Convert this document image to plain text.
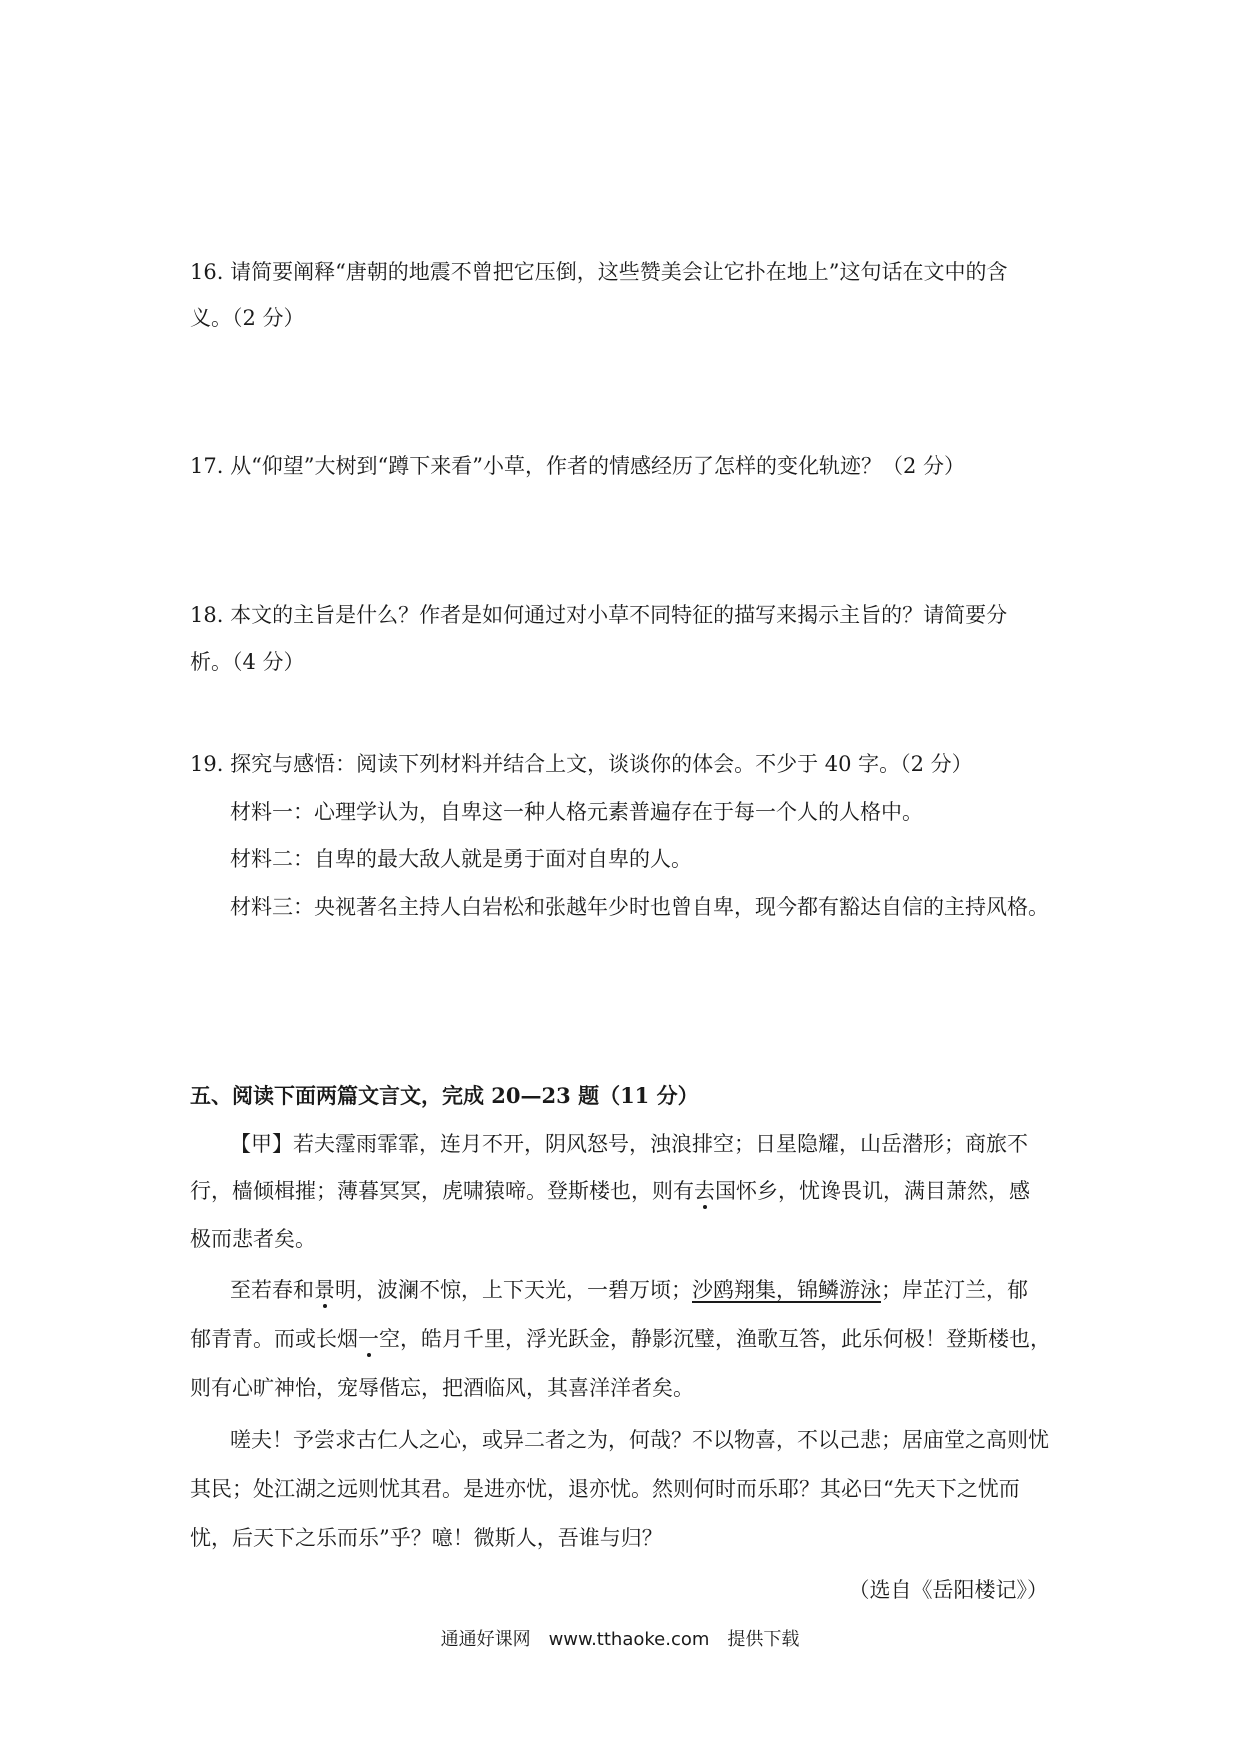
16. 请简要阐释“唐朝的地震不曾把它压倒，这些赞美会让它扑在地上”这句话在文中的含
义。（2 分）
17. 从“仰望”大树到“蹲下来看”小草，作者的情感经历了怎样的变化轨迹？（2 分）
18. 本文的主旨是什么？作者是如何通过对小草不同特征的描写来揭示主旨的？请简要分
析。（4 分）
19. 探究与感悟：阅读下列材料并结合上文，谈谈你的体会。不少于 40 字。（2 分）
材料一：心理学认为，自卑这一种人格元素普遍存在于每一个人的人格中。
材料二：自卑的最大敌人就是勇于面对自卑的人。
材料三：央视著名主持人白岩松和张越年少时也曾自卑，现今都有豁达自信的主持风格。
五、阅读下面两篇文言文，完成 20—23 题（11 分）
【甲】若夫霪雨霏霏，连月不开，阴风怒号，浊浪排空；日星隐耀，山岳潜形；商旅不
行，樯倾楫摧；薄暮冥冥，虎啸猿啼。登斯楼也，则有去国怀乡，忧谗畏讥，满目萧然，感
极而悲者矣。
至若春和景明，波澜不惊，上下天光，一碧万顷；沙鸥翔集，锦鳞游泳；岸芷汀兰，郁
郁青青。而或长烟一空，皓月千里，浮光跃金，静影沉璧，渔歌互答，此乐何极！登斯楼也，
则有心旷神怡，宠辱偕忘，把酒临风，其喜洋洋者矣。
嗟夫！予尝求古仁人之心，或异二者之为，何哉？不以物喜，不以己悲；居庙堂之高则忧
其民；处江湖之远则忧其君。是进亦忧，退亦忧。然则何时而乐耶？其必曰“先天下之忧而
忧，后天下之乐而乐”乎？噫！微斯人，吾谁与归？
（选自《岳阳楼记》）
通通好课网　www.tthaoke.com　提供下载
